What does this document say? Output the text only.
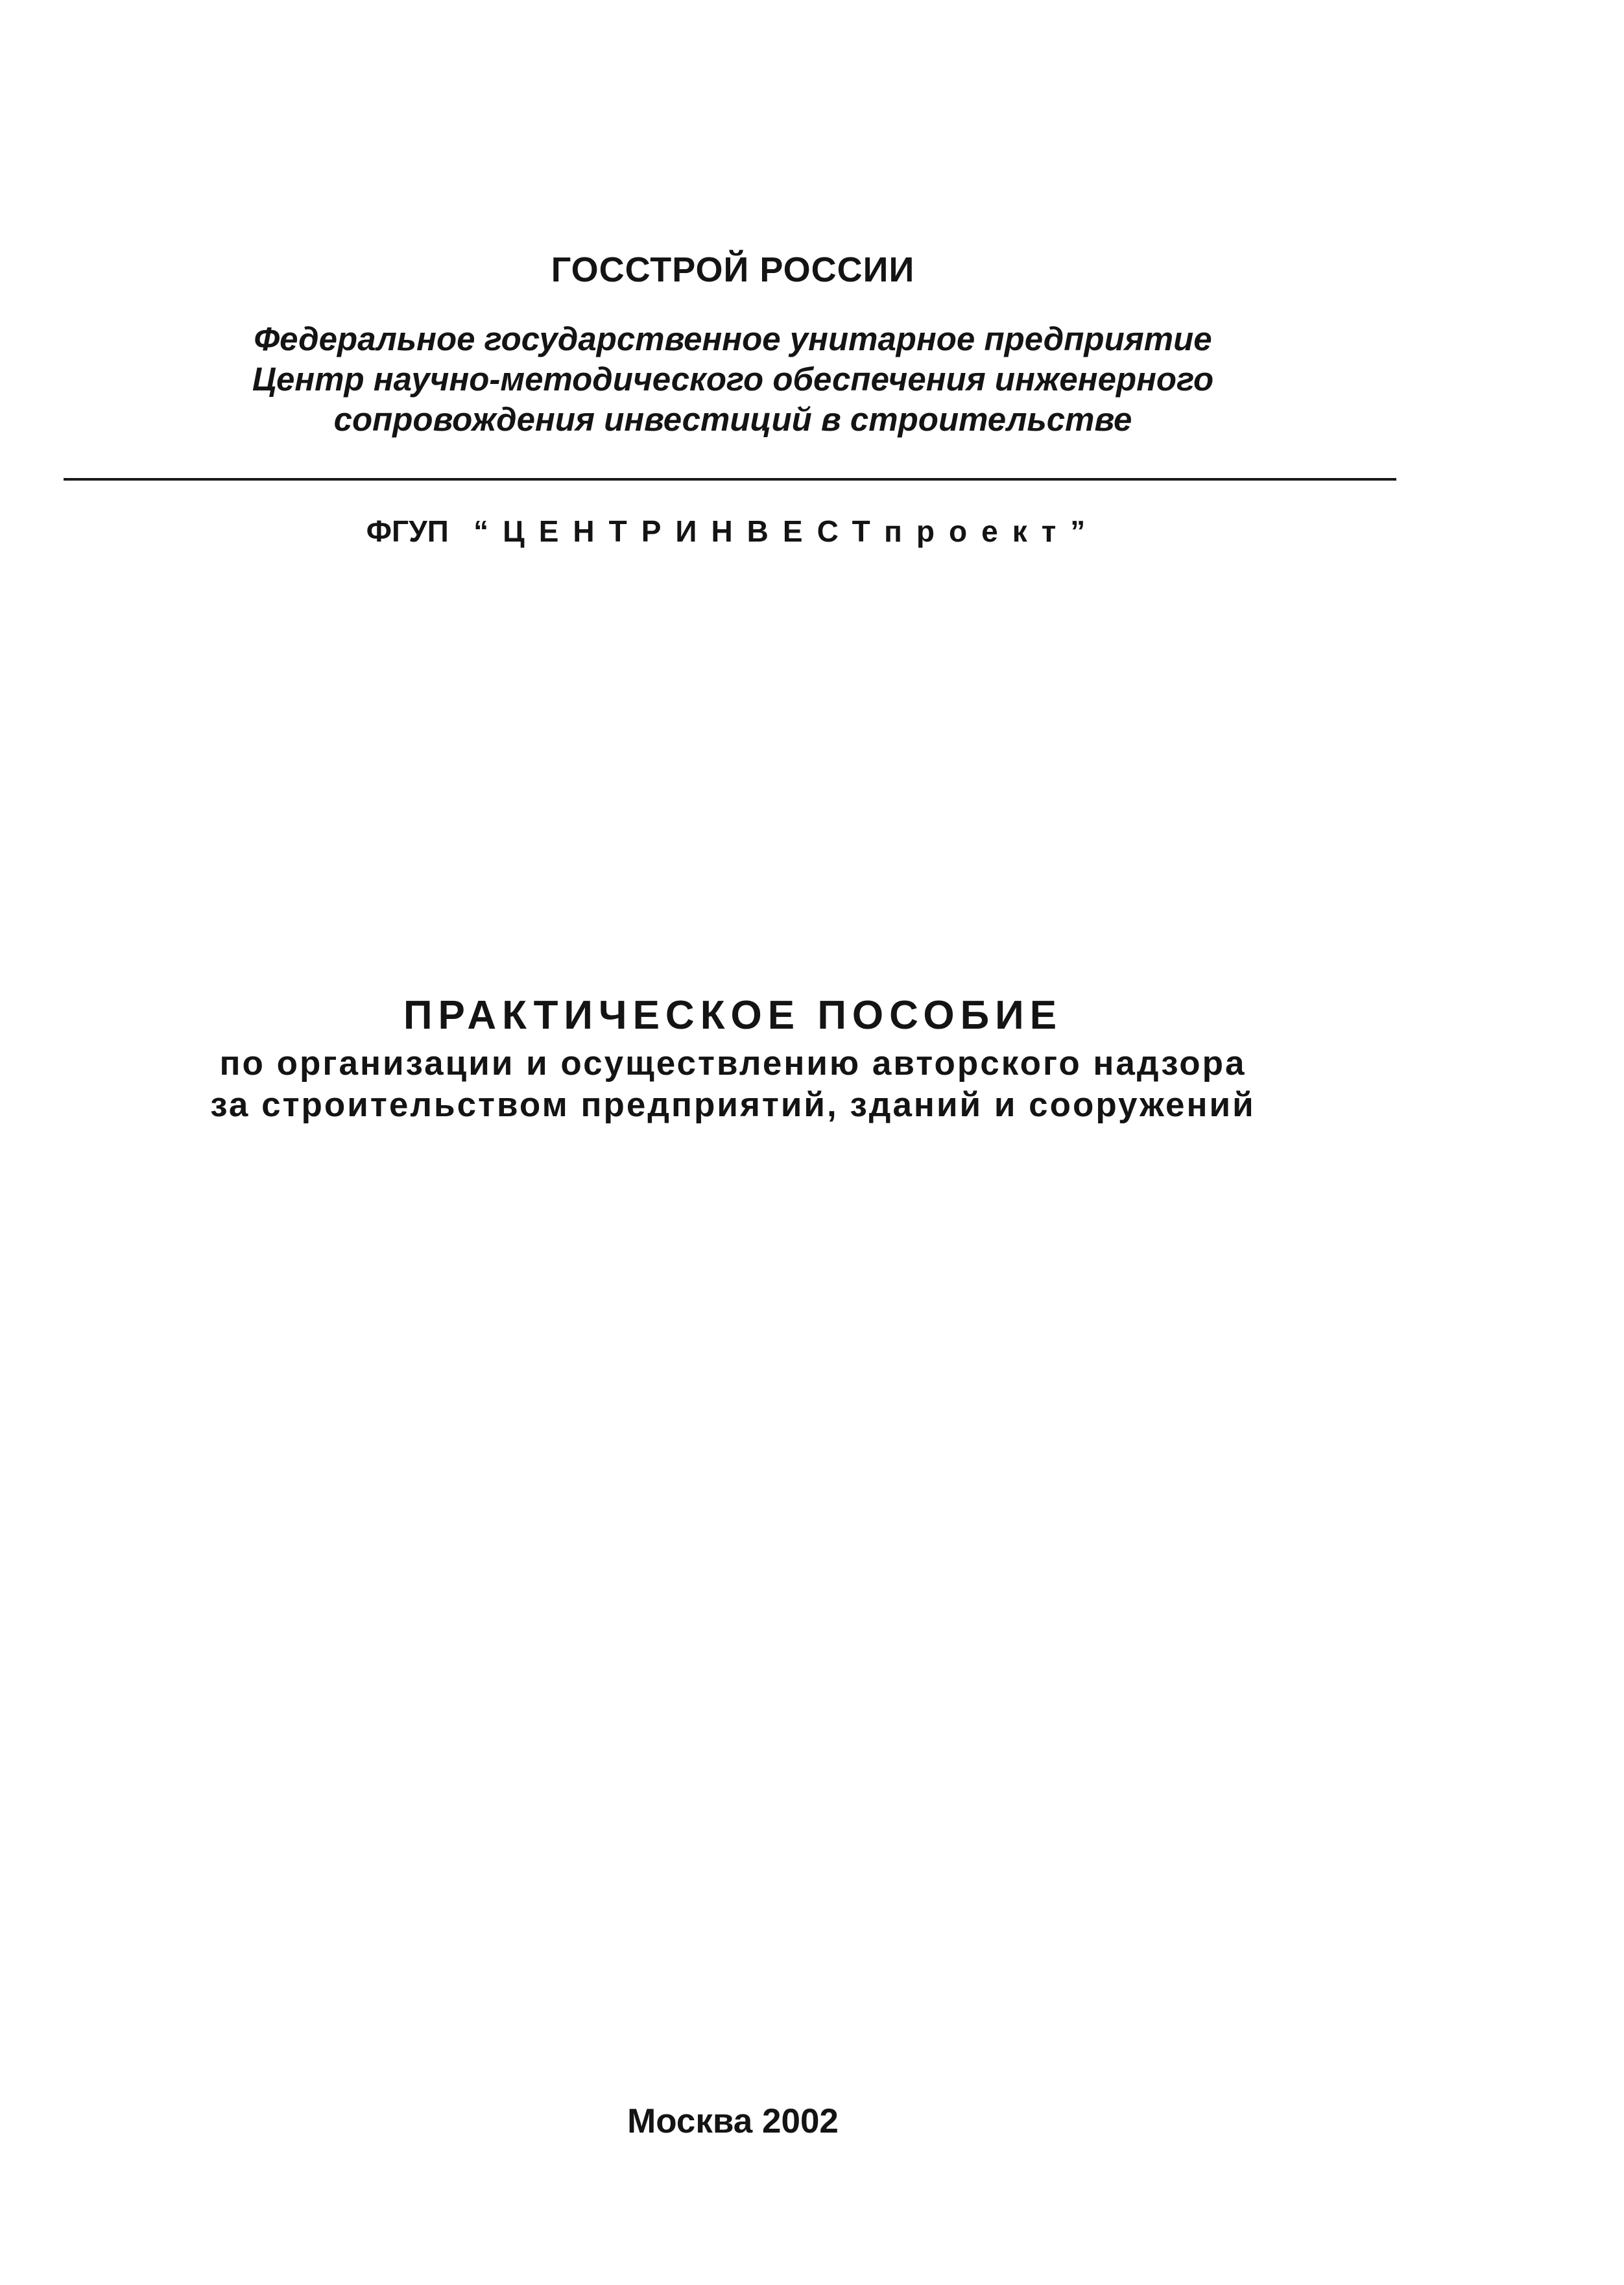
ГОССТРОЙ РОССИИ
Федеральное государственное унитарное предприятие
Центр научно-методического обеспечения инженерного
сопровождения инвестиций в строительстве
ФГУП “ЦЕНТРИНВЕСТпроект”
ПРАКТИЧЕСКОЕ ПОСОБИЕ
по организации и осуществлению авторского надзора
за строительством предприятий, зданий и сооружений
Москва 2002
